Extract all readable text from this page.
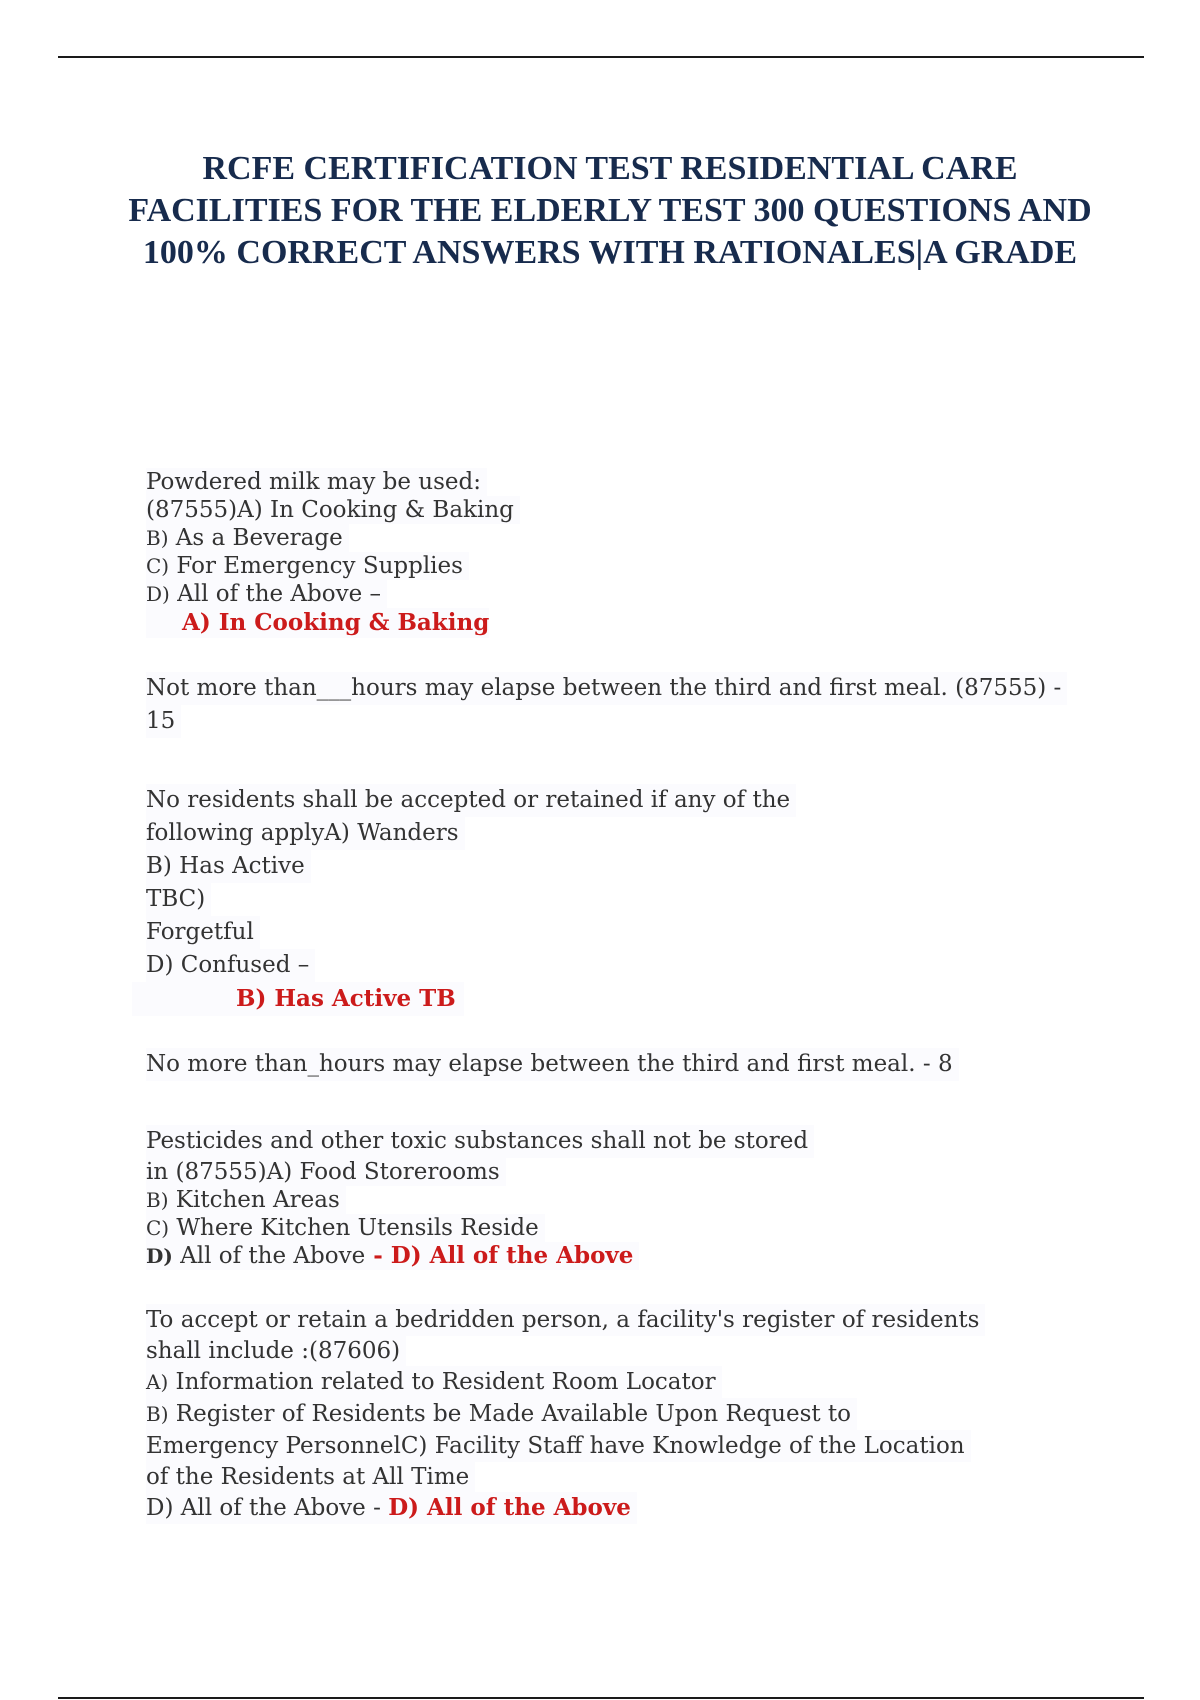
RCFE CERTIFICATION TEST RESIDENTIAL CARE FACILITIES FOR THE ELDERLY TEST 300 QUESTIONS AND 100% CORRECT ANSWERS WITH RATIONALES|A GRADE
Powdered milk may be used:
(87555)A) In Cooking & Baking
B) As a Beverage
C) For Emergency Supplies
D) All of the Above –
A) In Cooking & Baking
Not more than___hours may elapse between the third and first meal. (87555) -
15
No residents shall be accepted or retained if any of the
following applyA) Wanders
B) Has Active
TBC)
Forgetful
D) Confused –
B) Has Active TB
No more than_hours may elapse between the third and first meal. - 8
Pesticides and other toxic substances shall not be stored
in (87555)A) Food Storerooms
B) Kitchen Areas
C) Where Kitchen Utensils Reside
D) All of the Above - D) All of the Above
To accept or retain a bedridden person, a facility's register of residents
shall include :(87606)
A) Information related to Resident Room Locator
B) Register of Residents be Made Available Upon Request to
Emergency PersonnelC) Facility Staff have Knowledge of the Location
of the Residents at All Time
D) All of the Above - D) All of the Above
